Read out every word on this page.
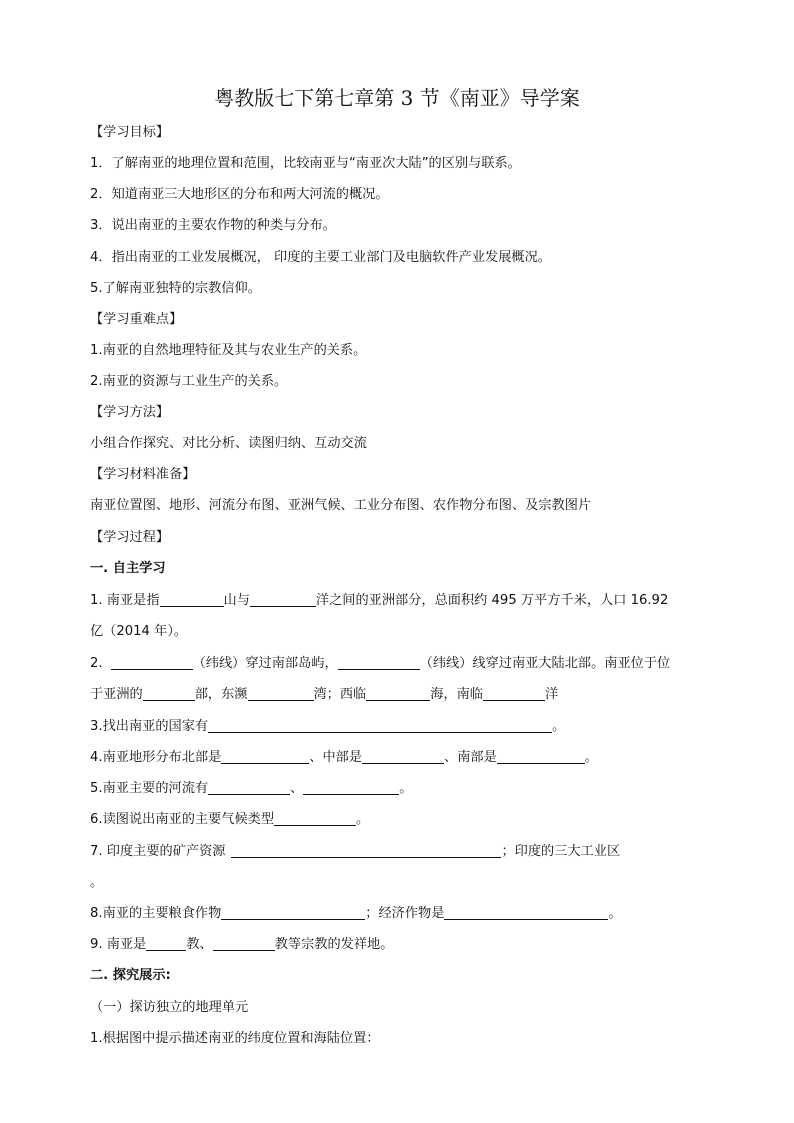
粤教版七下第七章第 3 节《南亚》导学案
【学习目标】
1．了解南亚的地理位置和范围，比较南亚与“南亚次大陆”的区别与联系。
2．知道南亚三大地形区的分布和两大河流的概况。
3．说出南亚的主要农作物的种类与分布。
4．指出南亚的工业发展概况， 印度的主要工业部门及电脑软件产业发展概况。
5.了解南亚独特的宗教信仰。
【学习重难点】
1.南亚的自然地理特征及其与农业生产的关系。
2.南亚的资源与工业生产的关系。
【学习方法】
小组合作探究、对比分析、读图归纳、互动交流
【学习材料准备】
南亚位置图、地形、河流分布图、亚洲气候、工业分布图、农作物分布图、及宗教图片
【学习过程】
一. 自主学习
1. 南亚是指	山与	洋之间的亚洲部分，总面积约 495 万平方千米，人口 16.92
亿（2014 年）。
2.	（纬线）穿过南部岛屿，	（纬线）线穿过南亚大陆北部。南亚位于位
于亚洲的	部，东濒	湾；西临	海，南临	洋
3.找出南亚的国家有	。
4.南亚地形分布北部是	、中部是	、南部是	。
5.南亚主要的河流有	、	。
6.读图说出南亚的主要气候类型	。
7. 印度主要的矿产资源	；印度的三大工业区
。
8.南亚的主要粮食作物	；经济作物是	。
9. 南亚是	教、	教等宗教的发祥地。
二. 探究展示:
（一）探访独立的地理单元
1.根据图中提示描述南亚的纬度位置和海陆位置：
